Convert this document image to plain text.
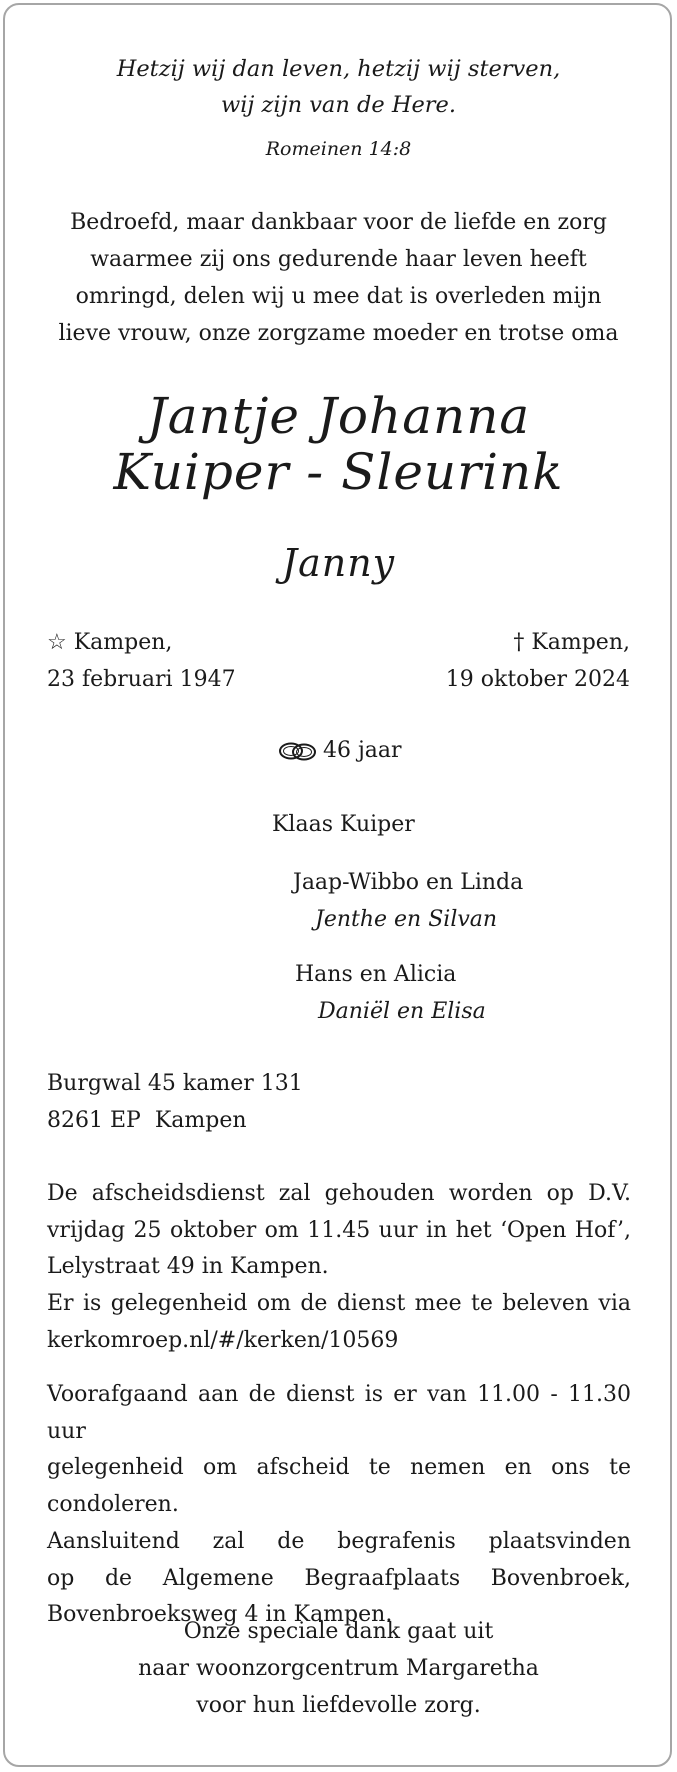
Hetzij wij dan leven, hetzij wij sterven,
wij zijn van de Here.
Romeinen 14:8
Bedroefd, maar dankbaar voor de liefde en zorg
waarmee zij ons gedurende haar leven heeft
omringd, delen wij u mee dat is overleden mijn
lieve vrouw, onze zorgzame moeder en trotse oma
Jantje Johanna
Kuiper - Sleurink
Janny
☆ Kampen,
23 februari 1947
† Kampen,
19 oktober 2024
46 jaar
Klaas Kuiper
Jaap-Wibbo en Linda
Jenthe en Silvan
Hans en Alicia
Daniël en Elisa
Burgwal 45 kamer 131
8261 EP  Kampen
De afscheidsdienst zal gehouden worden op D.V.
vrijdag 25 oktober om 11.45 uur in het ‘Open Hof’,
Lelystraat 49 in Kampen.
Er is gelegenheid om de dienst mee te beleven via
kerkomroep.nl/#/kerken/10569
Voorafgaand aan de dienst is er van 11.00 - 11.30 uur
gelegenheid om afscheid te nemen en ons te
condoleren.
Aansluitend zal de begrafenis plaatsvinden
op de Algemene Begraafplaats Bovenbroek,
Bovenbroeksweg 4 in Kampen.
Onze speciale dank gaat uit
naar woonzorgcentrum Margaretha
voor hun liefdevolle zorg.
